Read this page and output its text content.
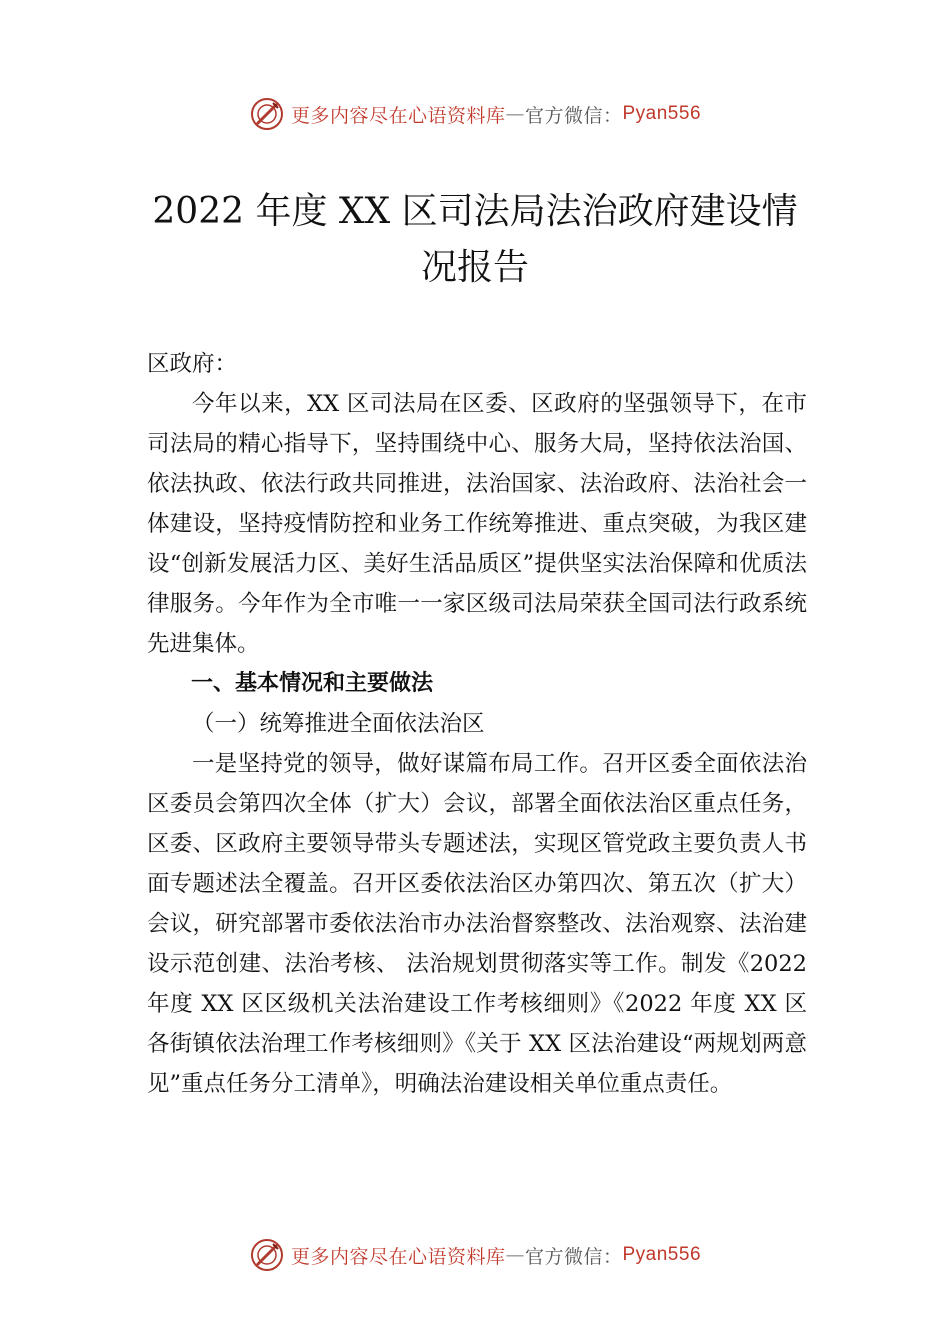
更多内容尽在心语资料库 — 官方微信： Pyan556
2022 年度 XX 区司法局法治政府建设情
况报告

区政府：

今年以来，XX 区司法局在区委、区政府的坚强领导下，在市司法局的精心指导下，坚持围绕中心、服务大局，坚持依法治国、依法执政、依法行政共同推进，法治国家、法治政府、法治社会一体建设，坚持疫情防控和业务工作统筹推进、重点突破，为我区建设“创新发展活力区、美好生活品质区”提供坚实法治保障和优质法律服务。今年作为全市唯一一家区级司法局荣获全国司法行政系统先进集体。

一、基本情况和主要做法

（一）统筹推进全面依法治区

一是坚持党的领导，做好谋篇布局工作。召开区委全面依法治区委员会第四次全体（扩大）会议，部署全面依法治区重点任务，区委、区政府主要领导带头专题述法，实现区管党政主要负责人书面专题述法全覆盖。召开区委依法治区办第四次、第五次（扩大）会议，研究部署市委依法治市办法治督察整改、法治观察、法治建设示范创建、法治考核、 法治规划贯彻落实等工作。制发《2022 年度 XX 区区级机关法治建设工作考核细则》《2022 年度 XX 区各街镇依法治理工作考核细则》《关于 XX 区法治建设“两规划两意见”重点任务分工清单》，明确法治建设相关单位重点责任。

更多内容尽在心语资料库 — 官方微信： Pyan556
